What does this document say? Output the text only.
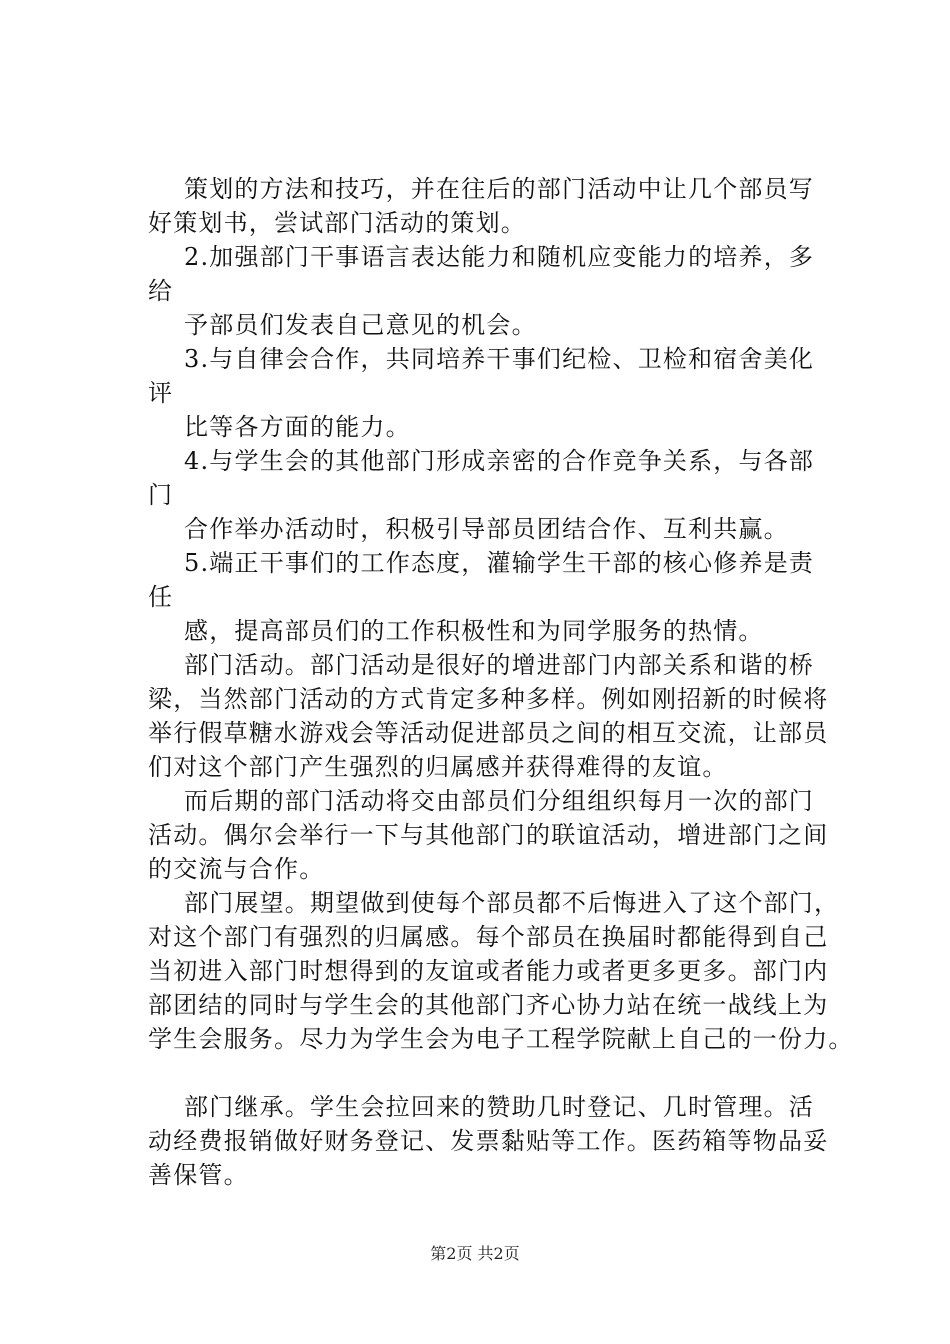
策划的方法和技巧，并在往后的部门活动中让几个部员写
好策划书，尝试部门活动的策划。
2.加强部门干事语言表达能力和随机应变能力的培养，多
给
予部员们发表自己意见的机会。
3.与自律会合作，共同培养干事们纪检、卫检和宿舍美化
评
比等各方面的能力。
4.与学生会的其他部门形成亲密的合作竞争关系，与各部
门
合作举办活动时，积极引导部员团结合作、互利共赢。
5.端正干事们的工作态度，灌输学生干部的核心修养是责
任
感，提高部员们的工作积极性和为同学服务的热情。
部门活动。部门活动是很好的增进部门内部关系和谐的桥
梁，当然部门活动的方式肯定多种多样。例如刚招新的时候将
举行假草糖水游戏会等活动促进部员之间的相互交流，让部员
们对这个部门产生强烈的归属感并获得难得的友谊。
而后期的部门活动将交由部员们分组组织每月一次的部门
活动。偶尔会举行一下与其他部门的联谊活动，增进部门之间
的交流与合作。
部门展望。期望做到使每个部员都不后悔进入了这个部门，
对这个部门有强烈的归属感。每个部员在换届时都能得到自己
当初进入部门时想得到的友谊或者能力或者更多更多。部门内
部团结的同时与学生会的其他部门齐心协力站在统一战线上为
学生会服务。尽力为学生会为电子工程学院献上自己的一份力。
部门继承。学生会拉回来的赞助几时登记、几时管理。活
动经费报销做好财务登记、发票黏贴等工作。医药箱等物品妥
善保管。
第2页 共2页
